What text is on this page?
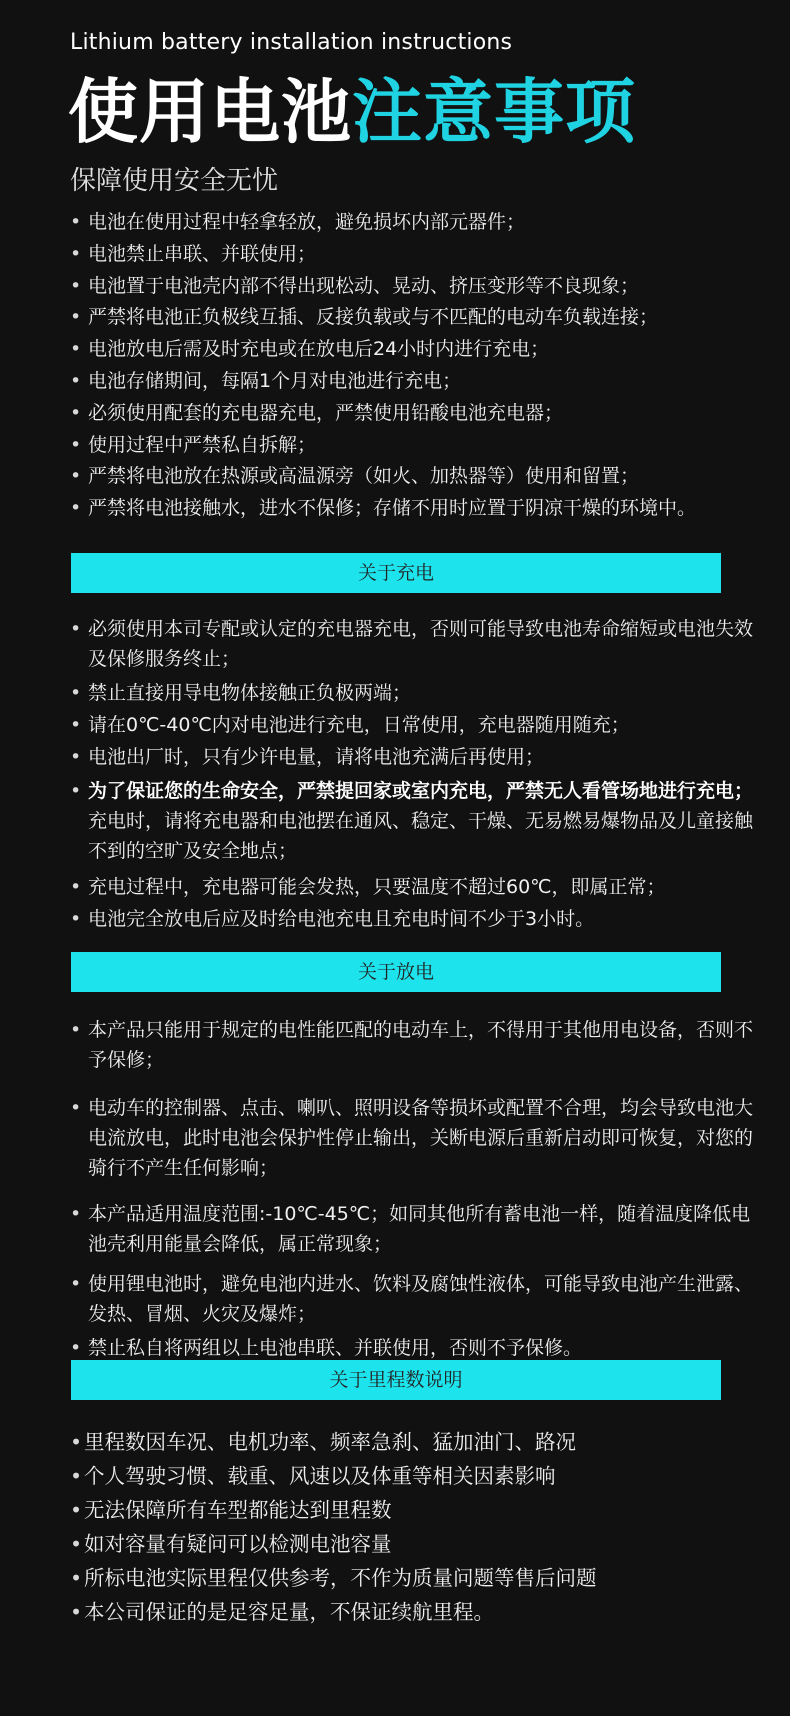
Lithium battery installation instructions
使用电池注意事项
保障使用安全无忧
• 电池在使用过程中轻拿轻放，避免损坏内部元器件；
• 电池禁止串联、并联使用；
• 电池置于电池壳内部不得出现松动、晃动、挤压变形等不良现象；
• 严禁将电池正负极线互插、反接负载或与不匹配的电动车负载连接；
• 电池放电后需及时充电或在放电后24小时内进行充电；
• 电池存储期间，每隔1个月对电池进行充电；
• 必须使用配套的充电器充电，严禁使用铅酸电池充电器；
• 使用过程中严禁私自拆解；
• 严禁将电池放在热源或高温源旁（如火、加热器等）使用和留置；
• 严禁将电池接触水，进水不保修；存储不用时应置于阴凉干燥的环境中。
关于充电
• 必须使用本司专配或认定的充电器充电，否则可能导致电池寿命缩短或电池失效及保修服务终止；
• 禁止直接用导电物体接触正负极两端；
• 请在0℃-40℃内对电池进行充电，日常使用，充电器随用随充；
• 电池出厂时，只有少许电量，请将电池充满后再使用；
• 为了保证您的生命安全，严禁提回家或室内充电，严禁无人看管场地进行充电；充电时，请将充电器和电池摆在通风、稳定、干燥、无易燃易爆物品及儿童接触不到的空旷及安全地点；
• 充电过程中，充电器可能会发热，只要温度不超过60℃，即属正常；
• 电池完全放电后应及时给电池充电且充电时间不少于3小时。
关于放电
• 本产品只能用于规定的电性能匹配的电动车上，不得用于其他用电设备，否则不予保修；
• 电动车的控制器、点击、喇叭、照明设备等损坏或配置不合理，均会导致电池大电流放电，此时电池会保护性停止输出，关断电源后重新启动即可恢复，对您的骑行不产生任何影响；
• 本产品适用温度范围:-10℃-45℃；如同其他所有蓄电池一样，随着温度降低电池壳利用能量会降低，属正常现象；
• 使用锂电池时，避免电池内进水、饮料及腐蚀性液体，可能导致电池产生泄露、发热、冒烟、火灾及爆炸；
• 禁止私自将两组以上电池串联、并联使用，否则不予保修。
关于里程数说明
• 里程数因车况、电机功率、频率急刹、猛加油门、路况
• 个人驾驶习惯、载重、风速以及体重等相关因素影响
• 无法保障所有车型都能达到里程数
• 如对容量有疑问可以检测电池容量
• 所标电池实际里程仅供参考，不作为质量问题等售后问题
• 本公司保证的是足容足量，不保证续航里程。
